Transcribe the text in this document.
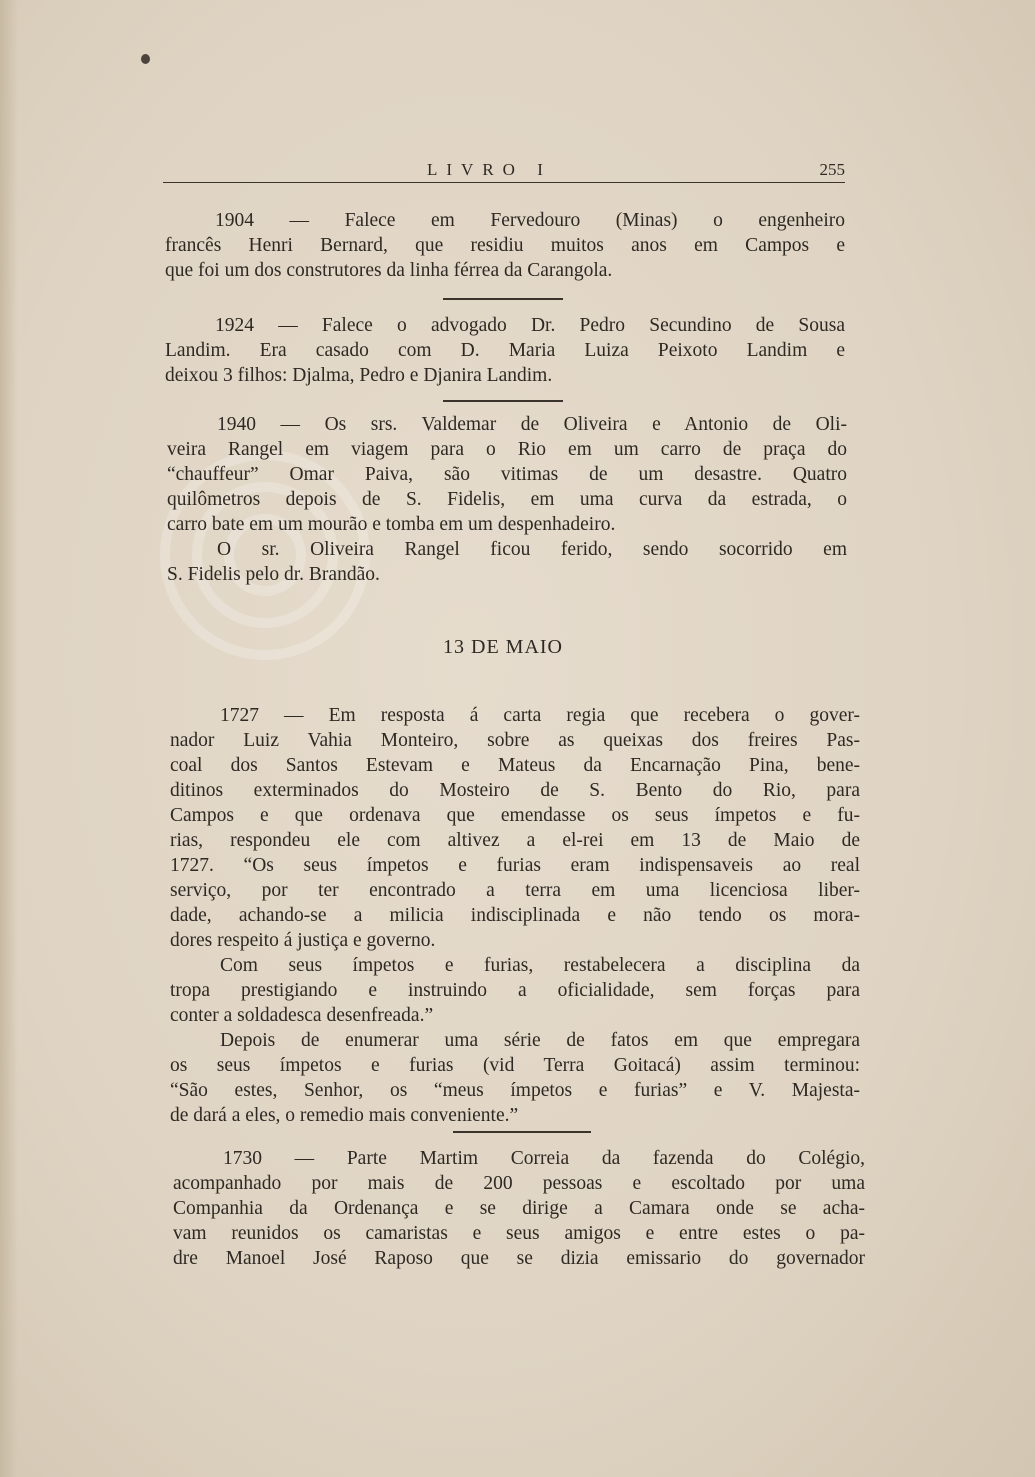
LIVRO I	255

1904 — Falece em Fervedouro (Minas) o engenheiro
francês Henri Bernard, que residiu muitos anos em Campos e
que foi um dos construtores da linha férrea da Carangola.

1924 — Falece o advogado Dr. Pedro Secundino de Sousa
Landim. Era casado com D. Maria Luiza Peixoto Landim e
deixou 3 filhos: Djalma, Pedro e Djanira Landim.

1940 — Os srs. Valdemar de Oliveira e Antonio de Oli-
veira Rangel em viagem para o Rio em um carro de praça do
“chauffeur” Omar Paiva, são vitimas de um desastre. Quatro
quilômetros depois de S. Fidelis, em uma curva da estrada, o
carro bate em um mourão e tomba em um despenhadeiro.
O sr. Oliveira Rangel ficou ferido, sendo socorrido em
S. Fidelis pelo dr. Brandão.

13 DE MAIO

1727 — Em resposta á carta regia que recebera o gover-
nador Luiz Vahia Monteiro, sobre as queixas dos freires Pas-
coal dos Santos Estevam e Mateus da Encarnação Pina, bene-
ditinos exterminados do Mosteiro de S. Bento do Rio, para
Campos e que ordenava que emendasse os seus ímpetos e fu-
rias, respondeu ele com altivez a el-rei em 13 de Maio de
1727. “Os seus ímpetos e furias eram indispensaveis ao real
serviço, por ter encontrado a terra em uma licenciosa liber-
dade, achando-se a milicia indisciplinada e não tendo os mora-
dores respeito á justiça e governo.
Com seus ímpetos e furias, restabelecera a disciplina da
tropa prestigiando e instruindo a oficialidade, sem forças para
conter a soldadesca desenfreada.”
Depois de enumerar uma série de fatos em que empregara
os seus ímpetos e furias (vid Terra Goitacá) assim terminou:
“São estes, Senhor, os “meus ímpetos e furias” e V. Majesta-
de dará a eles, o remedio mais conveniente.”

1730 — Parte Martim Correia da fazenda do Colégio,
acompanhado por mais de 200 pessoas e escoltado por uma
Companhia da Ordenança e se dirige a Camara onde se acha-
vam reunidos os camaristas e seus amigos e entre estes o pa-
dre Manoel José Raposo que se dizia emissario do governador
